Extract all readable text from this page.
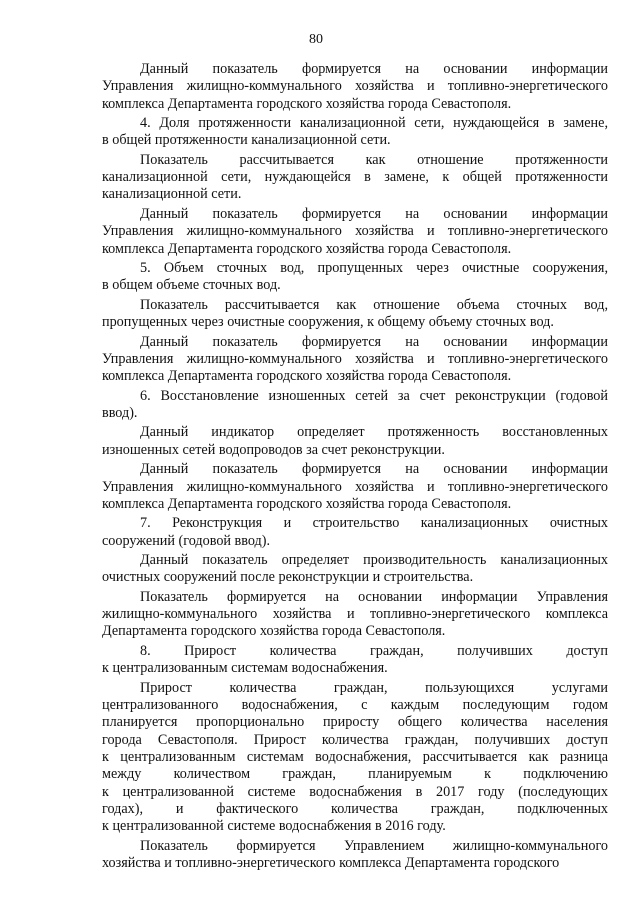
80
Данный показатель формируется на основании информации
Управления жилищно-коммунального хозяйства и топливно-энергетического
комплекса Департамента городского хозяйства города Севастополя.
4. Доля протяженности канализационной сети, нуждающейся в замене,
в общей протяженности канализационной сети.
Показатель рассчитывается как отношение протяженности
канализационной сети, нуждающейся в замене, к общей протяженности
канализационной сети.
Данный показатель формируется на основании информации
Управления жилищно-коммунального хозяйства и топливно-энергетического
комплекса Департамента городского хозяйства города Севастополя.
5. Объем сточных вод, пропущенных через очистные сооружения,
в общем объеме сточных вод.
Показатель рассчитывается как отношение объема сточных вод,
пропущенных через очистные сооружения, к общему объему сточных вод.
Данный показатель формируется на основании информации
Управления жилищно-коммунального хозяйства и топливно-энергетического
комплекса Департамента городского хозяйства города Севастополя.
6. Восстановление изношенных сетей за счет реконструкции (годовой
ввод).
Данный индикатор определяет протяженность восстановленных
изношенных сетей водопроводов за счет реконструкции.
Данный показатель формируется на основании информации
Управления жилищно-коммунального хозяйства и топливно-энергетического
комплекса Департамента городского хозяйства города Севастополя.
7. Реконструкция и строительство канализационных очистных
сооружений (годовой ввод).
Данный показатель определяет производительность канализационных
очистных сооружений после реконструкции и строительства.
Показатель формируется на основании информации Управления
жилищно-коммунального хозяйства и топливно-энергетического комплекса
Департамента городского хозяйства города Севастополя.
8. Прирост количества граждан, получивших доступ
к централизованным системам водоснабжения.
Прирост количества граждан, пользующихся услугами
централизованного водоснабжения, с каждым последующим годом
планируется пропорционально приросту общего количества населения
города Севастополя. Прирост количества граждан, получивших доступ
к централизованным системам водоснабжения, рассчитывается как разница
между количеством граждан, планируемым к подключению
к централизованной системе водоснабжения в 2017 году (последующих
годах), и фактического количества граждан, подключенных
к централизованной системе водоснабжения в 2016 году.
Показатель формируется Управлением жилищно-коммунального
хозяйства и топливно-энергетического комплекса Департамента городского
